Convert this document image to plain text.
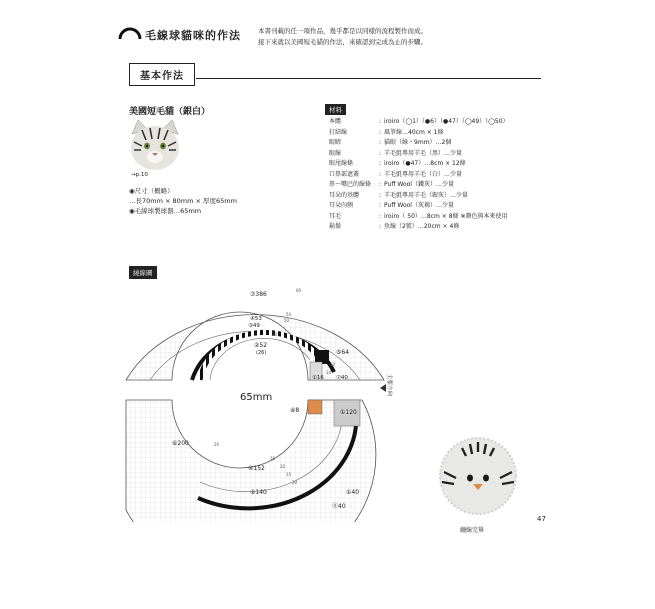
毛線球貓咪的作法	本書刊載的任一項作品，幾乎都是以同樣的流程製作而成。
接下來就以美國短毛貓的作法，來確認到完成為止的步驟。
基本作法
美國短毛貓（銀白）
→p.10
◉尺寸（概略）
…長70mm × 80mm × 厚度65mm
◉毛線球製球器…65mm
材料
本體	: iroiro（◯1）（●6）（●47）（◯49）（◯50）
打結線	: 風箏線…40cm × 1條
眼睛	: 貓眼（綠・9mm）…2個
眼線	: 羊毛氈專用羊毛（黑）…少量
眼尾線條	: iroiro（●47）…8cm × 12條
口鼻部遮蓋	: 羊毛氈專用羊毛（白）…少量
鼻～嘴巴的線條	: Puff Wool（鐵灰）…少量
耳朵的基體	: 羊毛氈專用羊毛（銀灰）…少量
耳朵內側	: Puff Wool（灰褐）…少量
耳毛	: iroiro（ 50）…8cm × 8條 ※顏色與本來使用
鬍鬚	: 魚線（2號）…20cm × 4條
繞線圖
65mm
⑦386
④53
③49
②52
(26)	⑤64
①16 ⑦40
⑥200
⑧8	①120
④152
②140	①40
⑪40
60
54
50
30
20
10
10
16
20
15
30
主要方向
纏線完畢
47
